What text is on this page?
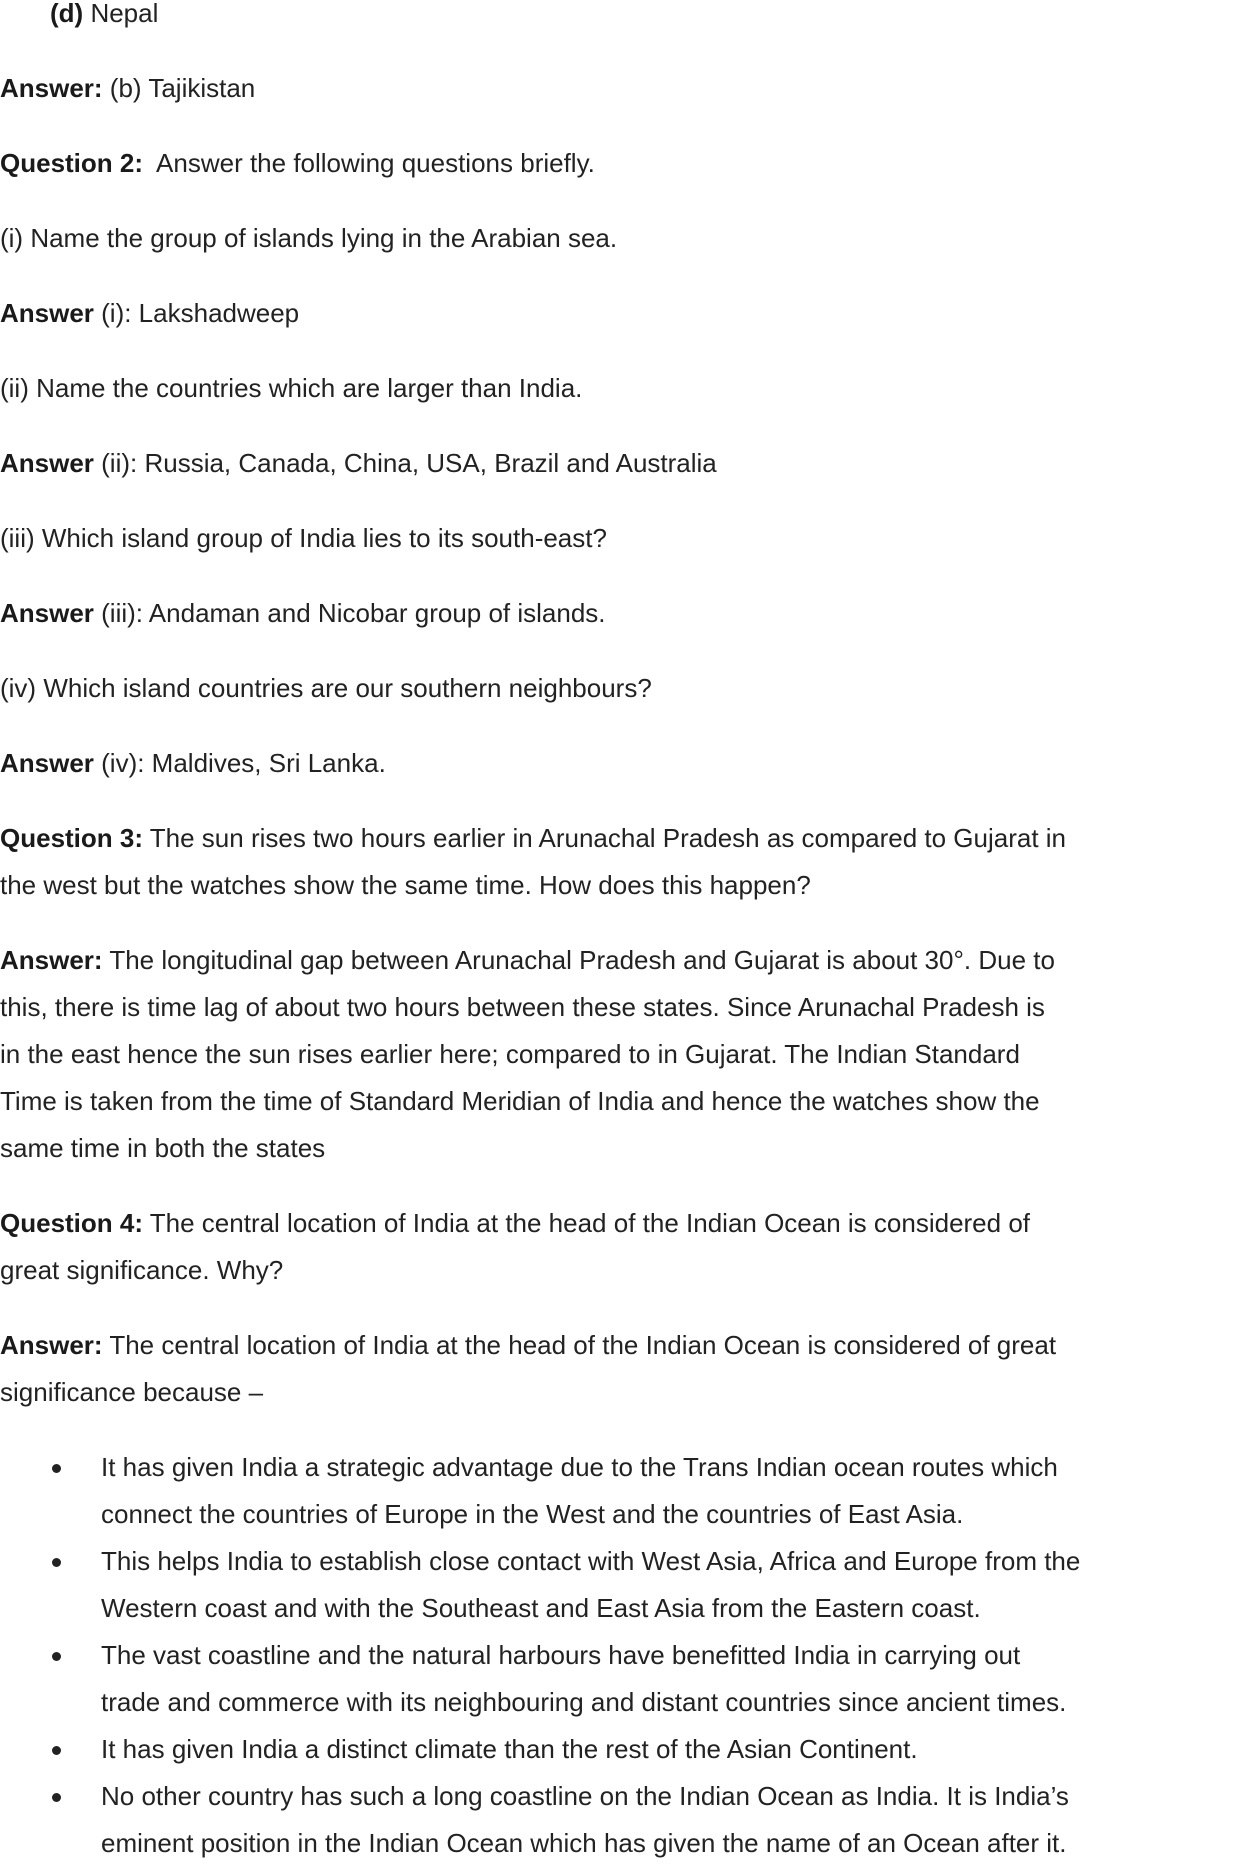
(d) Nepal

Answer: (b) Tajikistan

Question 2:  Answer the following questions briefly.

(i) Name the group of islands lying in the Arabian sea.

Answer (i): Lakshadweep

(ii) Name the countries which are larger than India.

Answer (ii): Russia, Canada, China, USA, Brazil and Australia

(iii) Which island group of India lies to its south-east?

Answer (iii): Andaman and Nicobar group of islands.

(iv) Which island countries are our southern neighbours?

Answer (iv): Maldives, Sri Lanka.

Question 3: The sun rises two hours earlier in Arunachal Pradesh as compared to Gujarat in
the west but the watches show the same time. How does this happen?

Answer: The longitudinal gap between Arunachal Pradesh and Gujarat is about 30°. Due to
this, there is time lag of about two hours between these states. Since Arunachal Pradesh is
in the east hence the sun rises earlier here; compared to in Gujarat. The Indian Standard
Time is taken from the time of Standard Meridian of India and hence the watches show the
same time in both the states

Question 4: The central location of India at the head of the Indian Ocean is considered of
great significance. Why?

Answer: The central location of India at the head of the Indian Ocean is considered of great
significance because –

It has given India a strategic advantage due to the Trans Indian ocean routes which
connect the countries of Europe in the West and the countries of East Asia.
This helps India to establish close contact with West Asia, Africa and Europe from the
Western coast and with the Southeast and East Asia from the Eastern coast.
The vast coastline and the natural harbours have benefitted India in carrying out
trade and commerce with its neighbouring and distant countries since ancient times.
It has given India a distinct climate than the rest of the Asian Continent.
No other country has such a long coastline on the Indian Ocean as India. It is India’s
eminent position in the Indian Ocean which has given the name of an Ocean after it.
